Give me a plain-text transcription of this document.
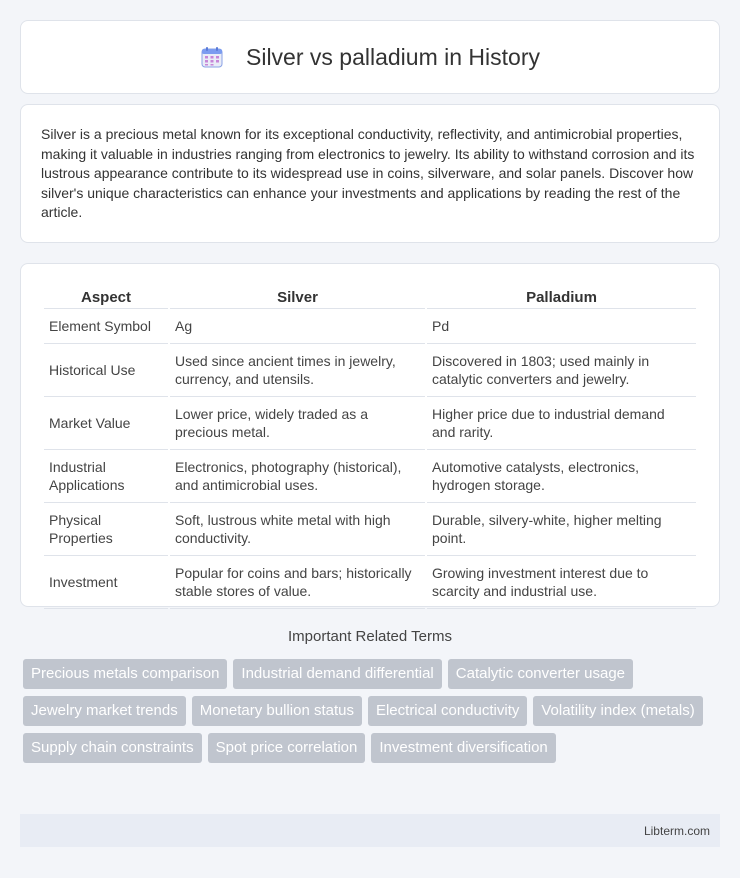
Silver vs palladium in History

Silver is a precious metal known for its exceptional conductivity, reflectivity, and antimicrobial properties, making it valuable in industries ranging from electronics to jewelry. Its ability to withstand corrosion and its lustrous appearance contribute to its widespread use in coins, silverware, and solar panels. Discover how silver's unique characteristics can enhance your investments and applications by reading the rest of the article.

Aspect	Silver	Palladium
Element Symbol	Ag	Pd
Historical Use	Used since ancient times in jewelry, currency, and utensils.	Discovered in 1803; used mainly in catalytic converters and jewelry.
Market Value	Lower price, widely traded as a precious metal.	Higher price due to industrial demand and rarity.
Industrial Applications	Electronics, photography (historical), and antimicrobial uses.	Automotive catalysts, electronics, hydrogen storage.
Physical Properties	Soft, lustrous white metal with high conductivity.	Durable, silvery-white, higher melting point.
Investment	Popular for coins and bars; historically stable stores of value.	Growing investment interest due to scarcity and industrial use.
Important Related Terms
Precious metals comparison	Industrial demand differential	Catalytic converter usage
Jewelry market trends	Monetary bullion status	Electrical conductivity	Volatility index (metals)
Supply chain constraints	Spot price correlation	Investment diversification
Libterm.com
